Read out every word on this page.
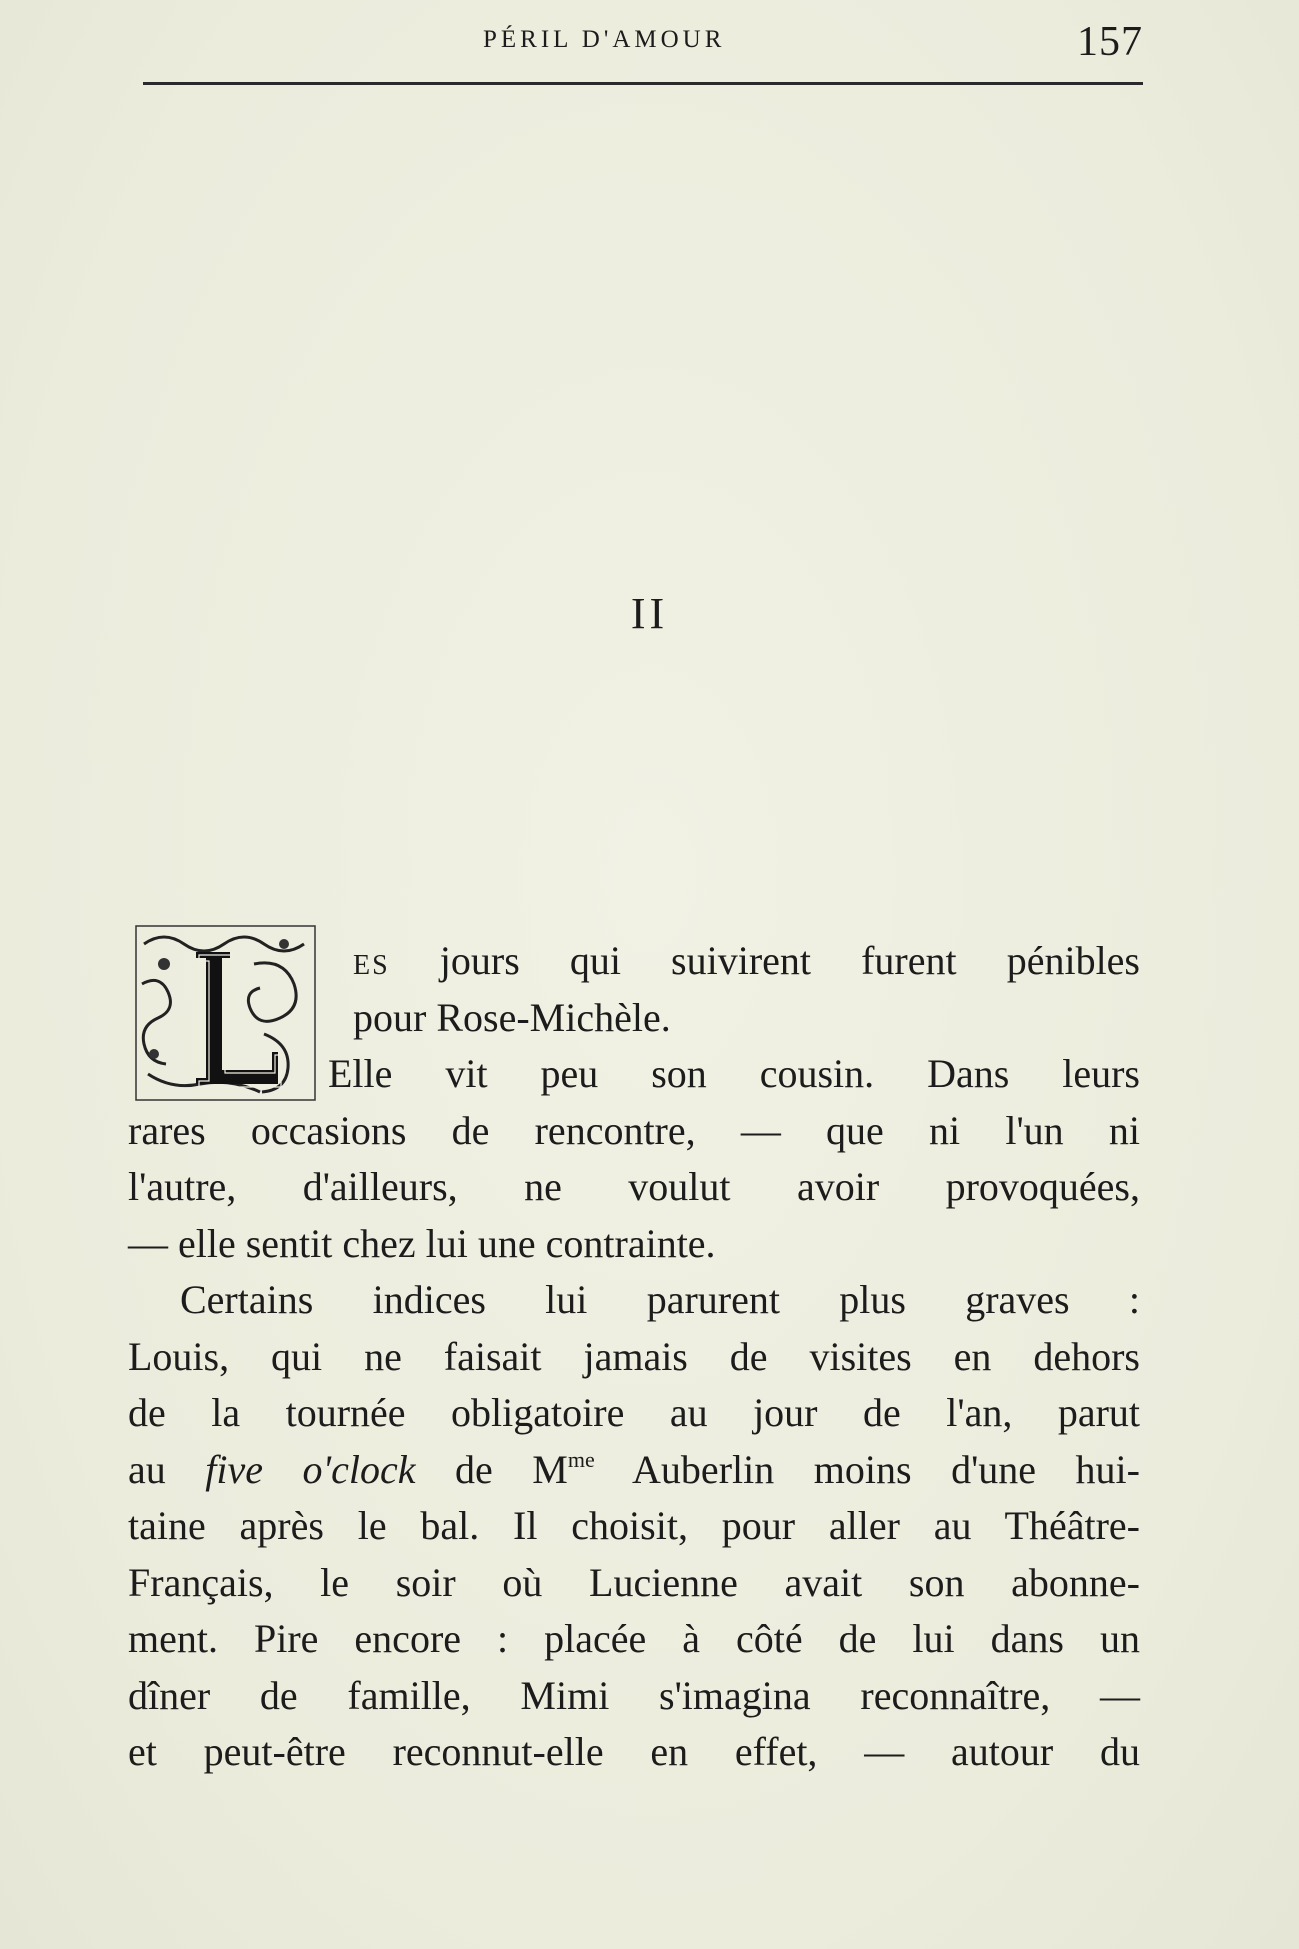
PÉRIL D'AMOUR	157
II
es jours qui suivirent furent pénibles
pour Rose-Michèle.
Elle vit peu son cousin. Dans leurs
rares occasions de rencontre, — que ni l'un ni
l'autre, d'ailleurs, ne voulut avoir provoquées,
— elle sentit chez lui une contrainte.
Certains indices lui parurent plus graves :
Louis, qui ne faisait jamais de visites en dehors
de la tournée obligatoire au jour de l'an, parut
au five o'clock de $M^{me}$ Auberlin moins d'une hui-
taine après le bal. Il choisit, pour aller au Théâtre-
Français, le soir où Lucienne avait son abonne-
ment. Pire encore : placée à côté de lui dans un
dîner de famille, Mimi s'imagina reconnaître, —
et peut-être reconnut-elle en effet, — autour du
